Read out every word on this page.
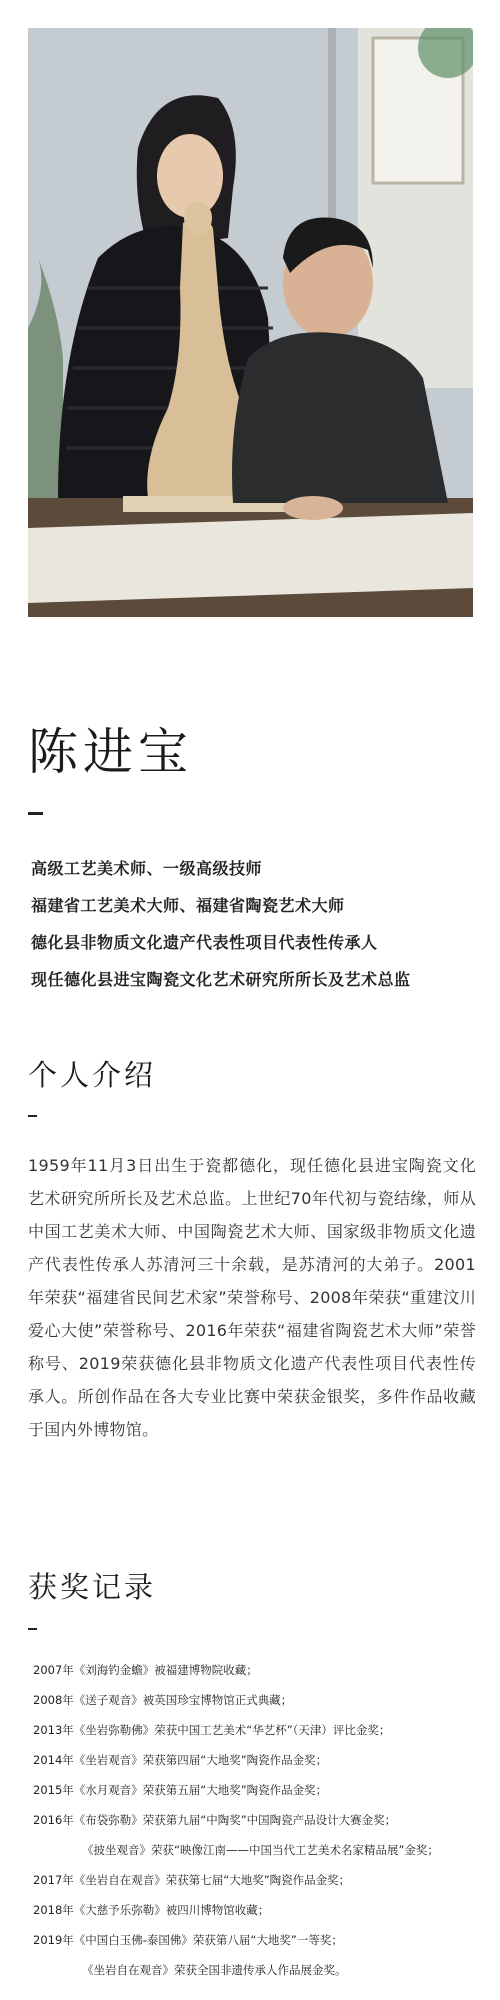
陈进宝
高级工艺美术师、一级高级技师
福建省工艺美术大师、福建省陶瓷艺术大师
德化县非物质文化遗产代表性项目代表性传承人
现任德化县进宝陶瓷文化艺术研究所所长及艺术总监
个人介绍
1959年11月3日出生于瓷都德化，现任德化县进宝陶瓷文化艺术研究所所长及艺术总监。上世纪70年代初与瓷结缘，师从中国工艺美术大师、中国陶瓷艺术大师、国家级非物质文化遗产代表性传承人苏清河三十余载，是苏清河的大弟子。2001年荣获“福建省民间艺术家”荣誉称号、2008年荣获“重建汶川爱心大使”荣誉称号、2016年荣获“福建省陶瓷艺术大师”荣誉称号、2019荣获德化县非物质文化遗产代表性项目代表性传承人。所创作品在各大专业比赛中荣获金银奖，多件作品收藏于国内外博物馆。
获奖记录
2007年《刘海钓金蟾》被福建博物院收藏；
2008年《送子观音》被英国珍宝博物馆正式典藏；
2013年《坐岩弥勒佛》荣获中国工艺美术“华艺杯”（天津）评比金奖；
2014年《坐岩观音》荣获第四届“大地奖”陶瓷作品金奖；
2015年《水月观音》荣获第五届“大地奖”陶瓷作品金奖；
2016年《布袋弥勒》荣获第九届“中陶奖”中国陶瓷产品设计大赛金奖；
《披坐观音》荣获“映像江南——中国当代工艺美术名家精品展”金奖；
2017年《坐岩自在观音》荣获第七届“大地奖”陶瓷作品金奖；
2018年《大慈予乐弥勒》被四川博物馆收藏；
2019年《中国白玉佛-泰国佛》荣获第八届“大地奖”一等奖；
《坐岩自在观音》荣获全国非遗传承人作品展金奖。
